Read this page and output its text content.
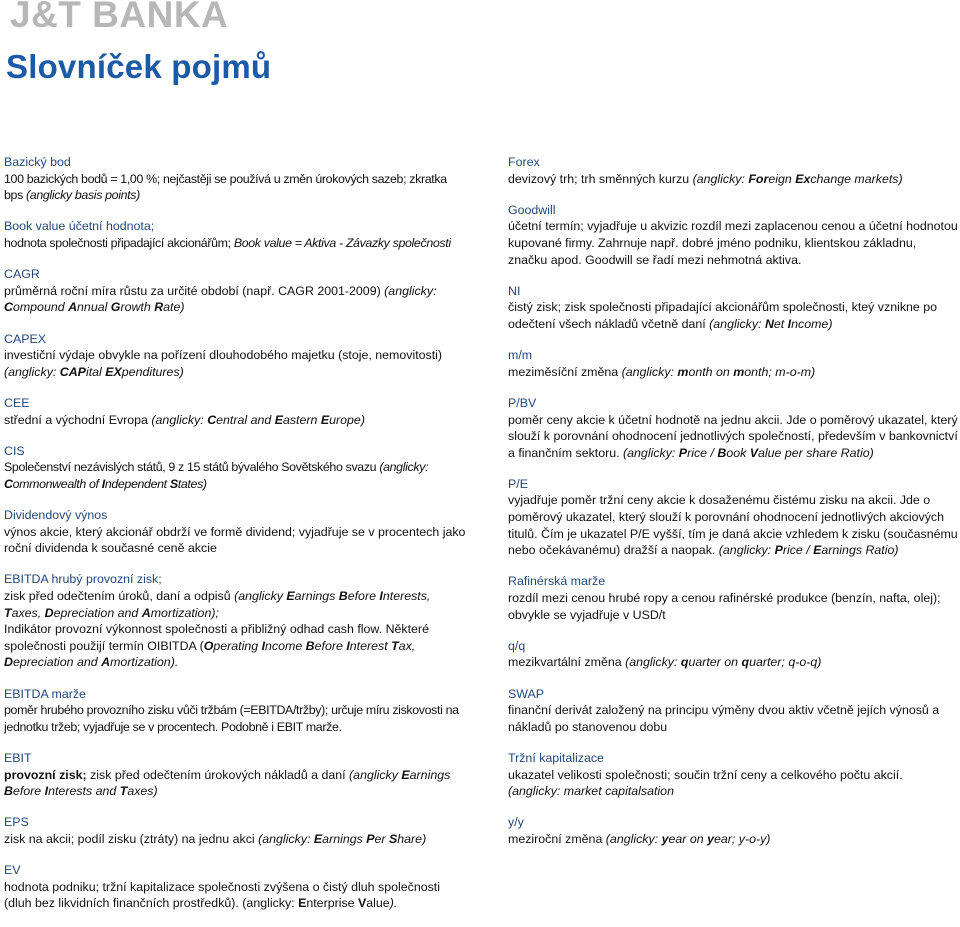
J&T BANKA
Slovníček pojmů
Bazický bod
100 bazických bodů = 1,00 %; nejčastěji se používá u změn úrokových sazeb; zkratka bps (anglicky basis points)
Book value účetní hodnota;
hodnota společnosti připadající akcionářům; Book value = Aktiva - Závazky společnosti
CAGR
průměrná roční míra růstu za určité období (např. CAGR 2001-2009) (anglicky: Compound Annual Growth Rate)
CAPEX
investiční výdaje obvykle na pořízení dlouhodobého majetku (stoje, nemovitosti) (anglicky: CAPital EXpenditures)
CEE
střední a východní Evropa (anglicky: Central and Eastern Europe)
CIS
Společenství nezávislých států, 9 z 15 států bývalého Sovětského svazu (anglicky: Commonwealth of Independent States)
Dividendový výnos
výnos akcie, který akcionář obdrží ve formě dividend; vyjadřuje se v procentech jako roční dividenda k současné ceně akcie
EBITDA hrubý provozní zisk;
zisk před odečtením úroků, daní a odpisů (anglicky Earnings Before Interests, Taxes, Depreciation and Amortization);
Indikátor provozní výkonnost společnosti a přibližný odhad cash flow. Některé společnosti použijí termín OIBITDA (Operating Income Before Interest Tax, Depreciation and Amortization).
EBITDA marže
poměr hrubého provozního zisku vůči tržbám (=EBITDA/tržby); určuje míru ziskovosti na jednotku tržeb; vyjadřuje se v procentech. Podobně i EBIT marže.
EBIT
provozní zisk; zisk před odečtením úrokových nákladů a daní (anglicky Earnings Before Interests and Taxes)
EPS
zisk na akcii; podíl zisku (ztráty) na jednu akci (anglicky: Earnings Per Share)
EV
hodnota podniku; tržní kapitalizace společnosti zvýšena o čistý dluh společnosti (dluh bez likvidních finančních prostředků). (anglicky: Enterprise Value).
Forex
devizový trh; trh směnných kurzu (anglicky: Foreign Exchange markets)
Goodwill
účetní termín; vyjadřuje u akvizic rozdíl mezi zaplacenou cenou a účetní hodnotou kupované firmy. Zahrnuje např. dobré jméno podniku, klientskou základnu, značku apod. Goodwill se řadí mezi nehmotná aktiva.
NI
čistý zisk; zisk společnosti připadající akcionářům společnosti, kteý vznikne po odečtení všech nákladů včetně daní (anglicky: Net Income)
m/m
meziměsíční změna (anglicky: month on month; m-o-m)
P/BV
poměr ceny akcie k účetní hodnotě na jednu akcii. Jde o poměrový ukazatel, který slouží k porovnání ohodnocení jednotlivých společností, především v bankovnictví a finančním sektoru. (anglicky: Price / Book Value per share Ratio)
P/E
vyjadřuje poměr tržní ceny akcie k dosaženému čistému zisku na akcii. Jde o poměrový ukazatel, který slouží k porovnání ohodnocení jednotlivých akciových titulů. Čím je ukazatel P/E vyšší, tím je daná akcie vzhledem k zisku (současnému nebo očekávanému) dražší a naopak. (anglicky: Price / Earnings Ratio)
Rafinérská marže
rozdíl mezi cenou hrubé ropy a cenou rafinérské produkce (benzín, nafta, olej); obvykle se vyjadřuje v USD/t
q/q
mezikvartální změna (anglicky: quarter on quarter; q-o-q)
SWAP
finanční derivát založený na principu výměny dvou aktiv včetně jejích výnosů a nákladů po stanovenou dobu
Tržní kapitalizace
ukazatel velikosti společnosti; součin tržní ceny a celkového počtu akcií. (anglicky: market capitalsation
y/y
meziroční změna (anglicky: year on year; y-o-y)
